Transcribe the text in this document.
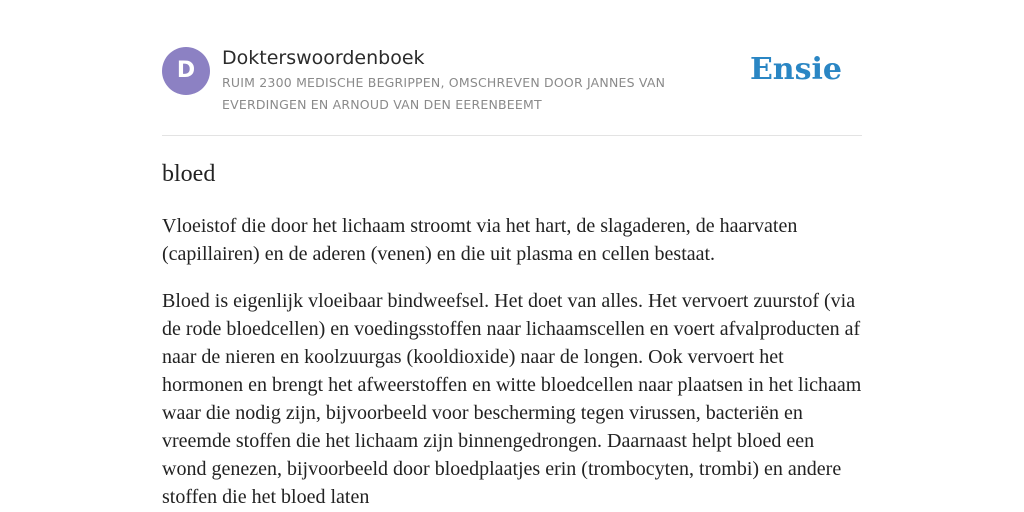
D	Dokterswoordenboek
RUIM 2300 MEDISCHE BEGRIPPEN, OMSCHREVEN DOOR JANNES VAN EVERDINGEN EN ARNOUD VAN DEN EERENBEEMT
Ensie
bloed

Vloeistof die door het lichaam stroomt via het hart, de slagaderen, de haarvaten (capillairen) en de aderen (venen) en die uit plasma en cellen bestaat.

Bloed is eigenlijk vloeibaar bindweefsel. Het doet van alles. Het vervoert zuurstof (via de rode bloedcellen) en voedingsstoffen naar lichaamscellen en voert afvalproducten af naar de nieren en koolzuurgas (kooldioxide) naar de longen. Ook vervoert het hormonen en brengt het afweerstoffen en witte bloedcellen naar plaatsen in het lichaam waar die nodig zijn, bijvoorbeeld voor bescherming tegen virussen, bacteriën en vreemde stoffen die het lichaam zijn binnengedrongen. Daarnaast helpt bloed een wond genezen, bijvoorbeeld door bloedplaatjes erin (trombocyten, trombi) en andere stoffen die het bloed laten
